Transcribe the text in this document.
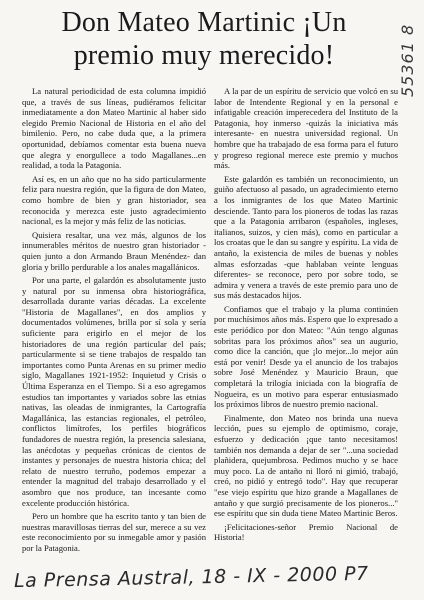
Don Mateo Martinic ¡Un
premio muy merecido!	55361 8

La natural periodicidad de esta columna impidió que, a través de sus líneas, pudiéramos felicitar inmediatamente a don Mateo Martinic al haber sido elegido Premio Nacional de Historia en el año del bimilenio. Pero, no cabe duda que, a la primera oportunidad, debíamos comentar esta buena nueva que alegra y enorgullece a todo Magallanes...en realidad, a toda la Patagonia.

Así es, en un año que no ha sido particularmente feliz para nuestra región, que la figura de don Mateo, como hombre de bien y gran historiador, sea reconocida y merezca este justo agradecimiento nacional, es la mejor y más feliz de las noticias.

Quisiera resaltar, una vez más, algunos de los innumerables méritos de nuestro gran historiador -quien junto a don Armando Braun Menéndez- dan gloria y brillo perdurable a los anales magallánicos.

Por una parte, el galardón es absolutamente justo y natural por su inmensa obra historiográfica, desarrollada durante varias décadas. La excelente "Historia de Magallanes", en dos amplios y documentados volúmenes, brilla por sí sola y sería suficiente para erigirlo en el mejor de los historiadores de una región particular del país; particularmente si se tiene trabajos de respaldo tan importantes como Punta Arenas en su primer medio siglo, Magallanes 1921-1952: Inquietud y Crisis o Última Esperanza en el Tiempo. Si a eso agregamos estudios tan importantes y variados sobre las etnias nativas, las oleadas de inmigrantes, la Cartografía Magallánica, las estancias regionales, el petróleo, conflictos limítrofes, los perfiles biográficos fundadores de nuestra región, la presencia salesiana, las anécdotas y pequeñas crónicas de cientos de instantes y personajes de nuestra historia chica; del relato de nuestro terruño, podemos empezar a entender la magnitud del trabajo desarrollado y el asombro que nos produce, tan incesante como excelente producción histórica.

Pero un hombre que ha escrito tanto y tan bien de nuestras maravillosas tierras del sur, merece a su vez este reconocimiento por su inmegable amor y pasión por la Patagonia.

A la par de un espíritu de servicio que volcó en su labor de Intendente Regional y en la personal e infatigable creación imperecedera del Instituto de la Patagonia, hoy inmerso -quizás la iniciativa más interesante- en nuestra universidad regional. Un hombre que ha trabajado de esa forma para el futuro y progreso regional merece este premio y muchos más.

Este galardón es también un reconocimiento, un guiño afectuoso al pasado, un agradecimiento eterno a los inmigrantes de los que Mateo Martinic desciende. Tanto para los pioneros de todas las razas que a la Patagonia arribaron (españoles, ingleses, italianos, suizos, y cien más), como en particular a los croatas que le dan su sangre y espíritu. La vida de antaño, la existencia de miles de buenas y nobles almas esforzadas -que hablaban veinte lenguas diferentes- se reconoce, pero por sobre todo, se admira y venera a través de este premio para uno de sus más destacados hijos.

Confiamos que el trabajo y la pluma continúen por muchísimos años más. Espero que lo expresado a este periódico por don Mateo: "Aún tengo algunas sobritas para los próximos años" sea un augurio, como dice la canción, que ¡lo mejor...lo mejor aún está por venir! Desde ya el anuncio de los trabajos sobre José Menéndez y Mauricio Braun, que completará la trilogía iniciada con la biografía de Nogueira, es un motivo para esperar entusiasmado los próximos libros de nuestro premio nacional.

Finalmente, don Mateo nos brinda una nueva lección, pues su ejemplo de optimismo, coraje, esfuerzo y dedicación ¡que tanto necesitamos! también nos demanda a dejar de ser "...una sociedad plañidera, quejumbrosa. Pedimos mucho y se hace muy poco. La de antaño ni lloró ni gimió, trabajó, creó, no pidió y entregó todo". Hay que recuperar "ese viejo espíritu que hizo grande a Magallanes de antaño y que surgió precisamente de los pioneros..." ese espíritu que sin duda tiene Mateo Martinic Beros.

¡Felicitaciones-señor Premio Nacional de Historia!

La Prensa Austral, 18 - IX - 2000 P7
